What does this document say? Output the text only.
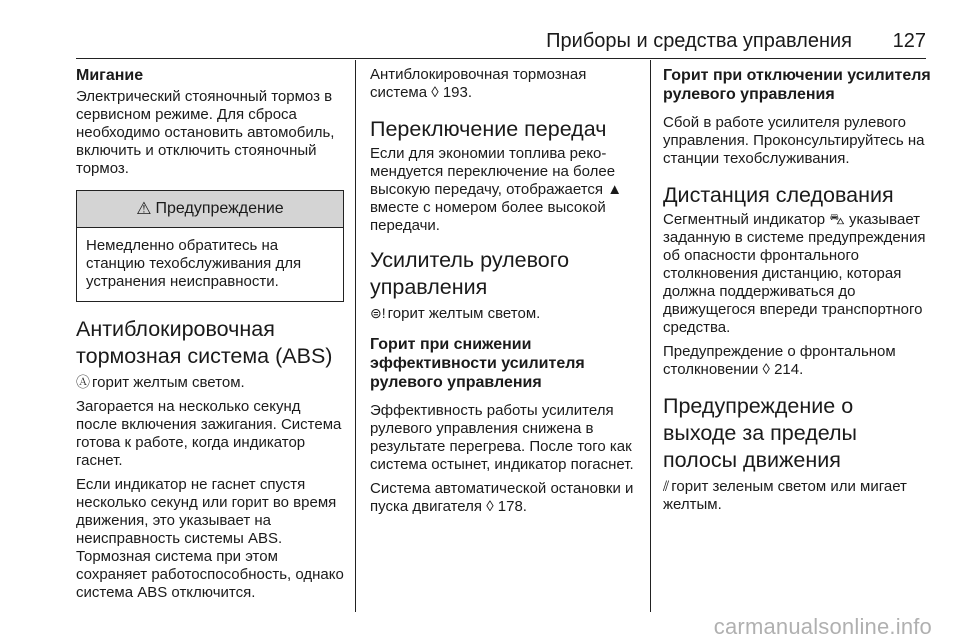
Приборы и средства управления 127
Мигание

Электрический стояночный тормоз в сервисном режиме. Для сброса необходимо остановить автомобиль, включить и отключить стояночный тормоз.

⚠ Предупреждение

Немедленно обратитесь на станцию техобслуживания для устранения неисправности.

Антиблокировочная тормозная система (ABS)

Ⓐ горит желтым светом.

Загорается на несколько секунд после включения зажигания. Система готова к работе, когда индикатор гаснет.

Если индикатор не гаснет спустя несколько секунд или горит во время движения, это указывает на неисправность системы ABS. Тормозная система при этом сохраняет работоспособность, однако система ABS отключится.

Антиблокировочная тормозная система ◊ 193.

Переключение передач

Если для экономии топлива рекомендуется переключение на более высокую передачу, отображается ▲ вместе с номером более высокой передачи.

Усилитель рулевого управления

⊜! горит желтым светом.

Горит при снижении эффективности усилителя рулевого управления

Эффективность работы усилителя рулевого управления снижена в результате перегрева. После того как система остынет, индикатор погаснет.

Система автоматической остановки и пуска двигателя ◊ 178.

Горит при отключении усилителя рулевого управления

Сбой в работе усилителя рулевого управления. Проконсультируйтесь на станции техобслуживания.

Дистанция следования

Сегментный индикатор ⛍ указывает заданную в системе предупреждения об опасности фронтального столкновения дистанцию, которая должна поддерживаться до движущегося впереди транспортного средства.

Предупреждение о фронтальном столкновении ◊ 214.

Предупреждение о выходе за пределы полосы движения

⫽ горит зеленым светом или мигает желтым.

carmanualsonline.info
